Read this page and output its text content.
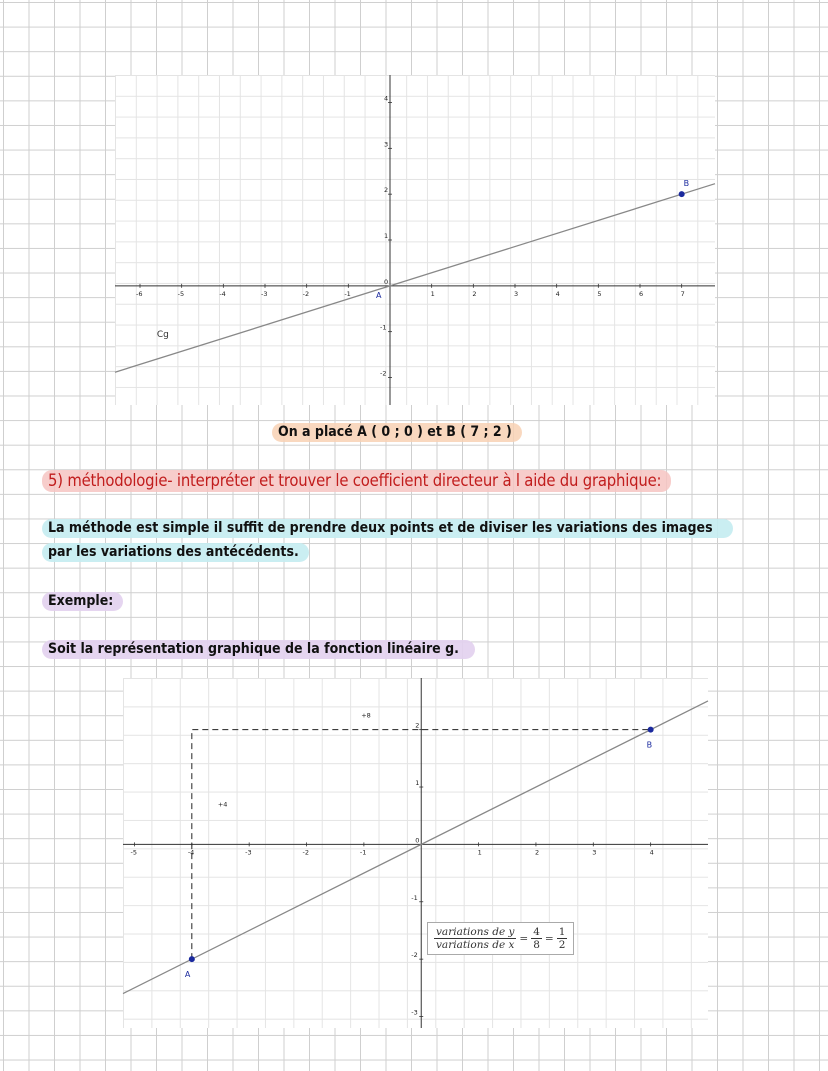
-6	-5	-4	-3	-2	-1	1	2	3	4	5	6	7
-2
-1
0
1
2
3
4
A
B
Cg
On a placé A ( 0 ; 0 ) et B ( 7 ; 2 )
5) méthodologie- interpréter et trouver le coefficient directeur à l aide du graphique:
La méthode est simple il suffit de prendre deux points et de diviser les variations des images
par les variations des antécédents.
Exemple:
Soit la représentation graphique de la fonction linéaire g.
-5	-4	-3	-2	-1	1	2	3	4
-3
-2
-1
0
1
2
+8
+4
A
B
$\frac{\text{variations de y}}{\text{variations de x}} = \frac{4}{8} = \frac{1}{2}$
